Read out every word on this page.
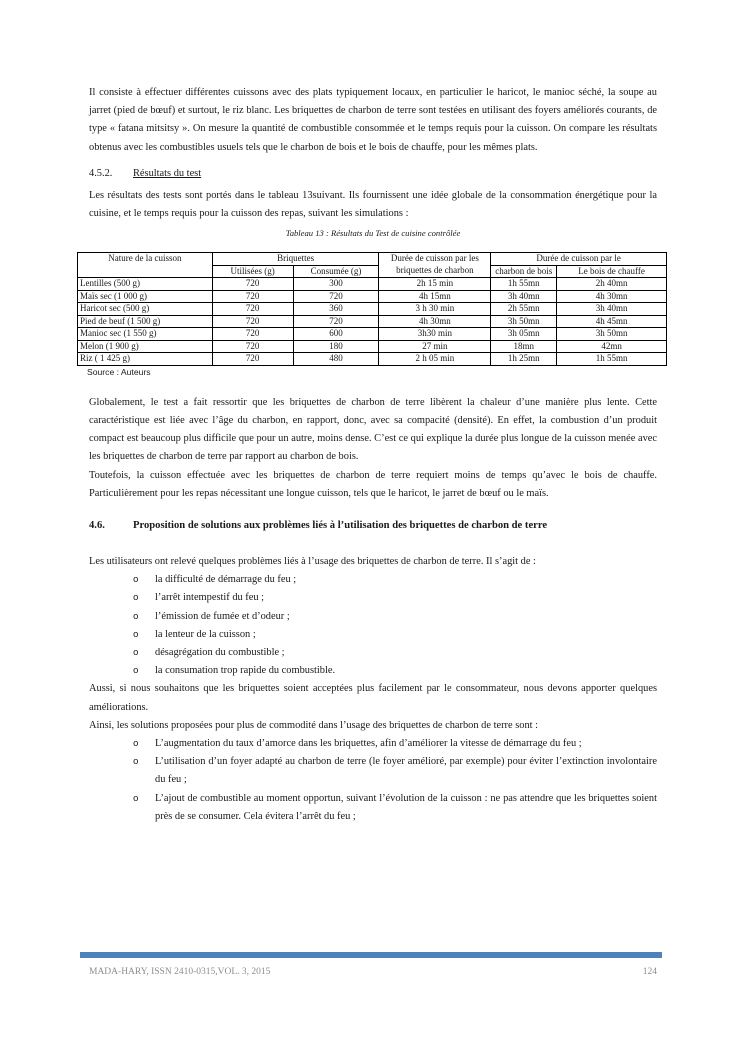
Il consiste à effectuer différentes cuissons avec des plats typiquement locaux, en particulier le haricot, le manioc séché, la soupe au jarret (pied de bœuf) et surtout, le riz blanc. Les briquettes de charbon de terre sont testées en utilisant des foyers améliorés courants, de type « fatana mitsitsy ». On mesure la quantité de combustible consommée et le temps requis pour la cuisson. On compare les résultats obtenus avec les combustibles usuels tels que le charbon de bois et le bois de chauffe, pour les mêmes plats.

4.5.2. Résultats du test

Les résultats des tests sont portés dans le tableau 13suivant. Ils fournissent une idée globale de la consommation énergétique pour la cuisine, et le temps requis pour la cuisson des repas, suivant les simulations :

Tableau 13 : Résultats du Test de cuisine contrôlée
Nature de la cuisson	Briquettes		Durée de cuisson par les briquettes de charbon	Durée de cuisson par le	
	Utilisées (g)	Consumée (g)		charbon de bois	Le bois de chauffe
Lentilles (500 g)	720	300	2h 15 min	1h 55mn	2h 40mn
Maïs sec (1 000 g)	720	720	4h 15mn	3h 40mn	4h 30mn
Haricot sec (500 g)	720	360	3 h 30 min	2h 55mn	3h 40mn
Pied de beuf (1 500 g)	720	720	4h 30mn	3h 50mn	4h 45mn
Manioc sec (1 550 g)	720	600	3h30 min	3h 05mn	3h 50mn
Melon (1 900 g)	720	180	27 min	18mn	42mn
Riz ( 1 425 g)	720	480	2 h 05 min	1h 25mn	1h 55mn
Source : Auteurs

Globalement, le test a fait ressortir que les briquettes de charbon de terre libèrent la chaleur d’une manière plus lente. Cette caractéristique est liée avec l’âge du charbon, en rapport, donc, avec sa compacité (densité). En effet, la combustion d’un produit compact est beaucoup plus difficile que pour un autre, moins dense. C’est ce qui explique la durée plus longue de la cuisson menée avec les briquettes de charbon de terre par rapport au charbon de bois.

Toutefois, la cuisson effectuée avec les briquettes de charbon de terre requiert moins de temps qu’avec le bois de chauffe. Particulièrement pour les repas nécessitant une longue cuisson, tels que le haricot, le jarret de bœuf ou le maïs.

4.6.	Proposition de solutions aux problèmes liés à l’utilisation des briquettes de charbon de terre

Les utilisateurs ont relevé quelques problèmes liés à l’usage des briquettes de charbon de terre. Il s’agit de :

o la difficulté de démarrage du feu ;
o l’arrêt intempestif du feu ;
o l’émission de fumée et d’odeur ;
o la lenteur de la cuisson ;
o désagrégation du combustible ;
o la consumation trop rapide du combustible.

Aussi, si nous souhaitons que les briquettes soient acceptées plus facilement par le consommateur, nous devons apporter quelques améliorations.

Ainsi, les solutions proposées pour plus de commodité dans l’usage des briquettes de charbon de terre sont :

o L’augmentation du taux d’amorce dans les briquettes, afin d’améliorer la vitesse de démarrage du feu ;
o L’utilisation d’un foyer adapté au charbon de terre (le foyer amélioré, par exemple) pour éviter l’extinction involontaire du feu ;
o L’ajout de combustible au moment opportun, suivant l’évolution de la cuisson : ne pas attendre que les briquettes soient près de se consumer. Cela évitera l’arrêt du feu ;
MADA-HARY, ISSN 2410-0315,VOL. 3, 2015	124
